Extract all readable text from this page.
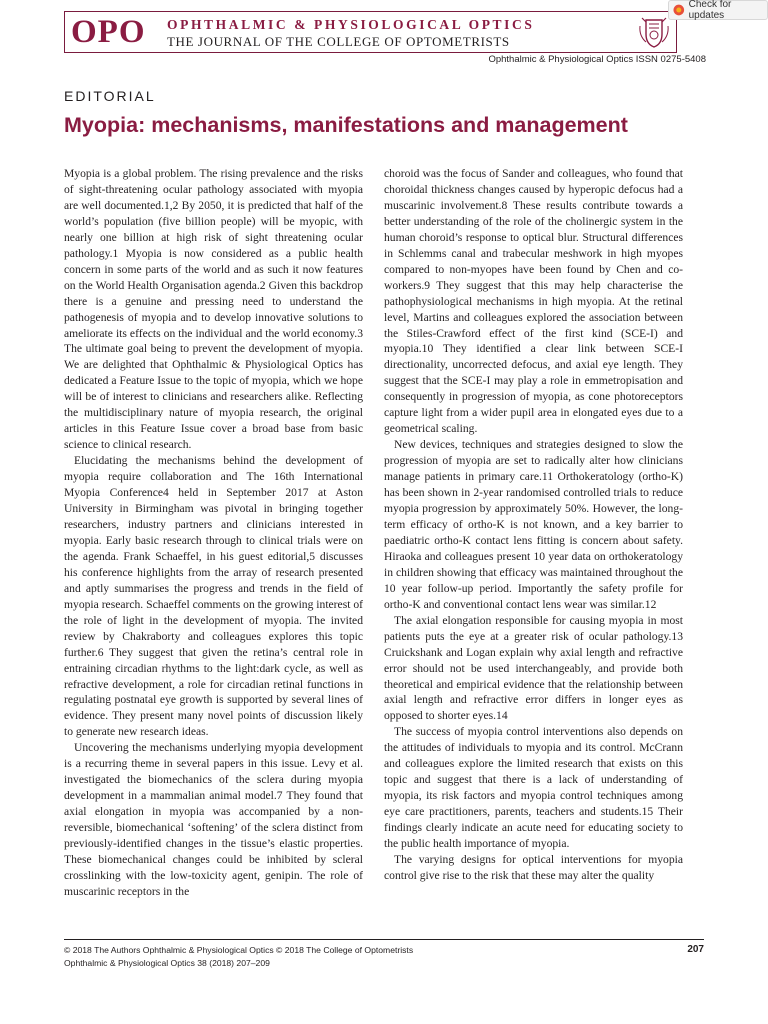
OPO OPHTHALMIC & PHYSIOLOGICAL OPTICS
THE JOURNAL OF THE COLLEGE OF OPTOMETRISTS
Check for updates
Ophthalmic & Physiological Optics ISSN 0275-5408
EDITORIAL
Myopia: mechanisms, manifestations and management

Myopia is a global problem. The rising prevalence and the risks of sight-threatening ocular pathology associated with myopia are well documented.1,2 By 2050, it is predicted that half of the world’s population (five billion people) will be myopic, with nearly one billion at high risk of sight threatening ocular pathology.1 Myopia is now considered as a public health concern in some parts of the world and as such it now features on the World Health Organisation agenda.2 Given this backdrop there is a genuine and pressing need to understand the pathogenesis of myopia and to develop innovative solutions to ameliorate its effects on the individual and the world economy.3 The ultimate goal being to prevent the development of myopia. We are delighted that Ophthalmic & Physiological Optics has dedicated a Feature Issue to the topic of myopia, which we hope will be of interest to clinicians and researchers alike. Reflecting the multidisciplinary nature of myopia research, the original articles in this Feature Issue cover a broad base from basic science to clinical research.

Elucidating the mechanisms behind the development of myopia require collaboration and The 16th International Myopia Conference4 held in September 2017 at Aston University in Birmingham was pivotal in bringing together researchers, industry partners and clinicians interested in myopia. Early basic research through to clinical trials were on the agenda. Frank Schaeffel, in his guest editorial,5 discusses his conference highlights from the array of research presented and aptly summarises the progress and trends in the field of myopia research. Schaeffel comments on the growing interest of the role of light in the development of myopia. The invited review by Chakraborty and colleagues explores this topic further.6 They suggest that given the retina’s central role in entraining circadian rhythms to the light:dark cycle, as well as refractive development, a role for circadian retinal functions in regulating postnatal eye growth is supported by several lines of evidence. They present many novel points of discussion likely to generate new research ideas.

Uncovering the mechanisms underlying myopia development is a recurring theme in several papers in this issue. Levy et al. investigated the biomechanics of the sclera during myopia development in a mammalian animal model.7 They found that axial elongation in myopia was accompanied by a non-reversible, biomechanical ‘softening’ of the sclera distinct from previously-identified changes in the tissue’s elastic properties. These biomechanical changes could be inhibited by scleral crosslinking with the low-toxicity agent, genipin. The role of muscarinic receptors in the

choroid was the focus of Sander and colleagues, who found that choroidal thickness changes caused by hyperopic defocus had a muscarinic involvement.8 These results contribute towards a better understanding of the role of the cholinergic system in the human choroid’s response to optical blur. Structural differences in Schlemms canal and trabecular meshwork in high myopes compared to non-myopes have been found by Chen and co-workers.9 They suggest that this may help characterise the pathophysiological mechanisms in high myopia. At the retinal level, Martins and colleagues explored the association between the Stiles-Crawford effect of the first kind (SCE-I) and myopia.10 They identified a clear link between SCE-I directionality, uncorrected defocus, and axial eye length. They suggest that the SCE-I may play a role in emmetropisation and consequently in progression of myopia, as cone photoreceptors capture light from a wider pupil area in elongated eyes due to a geometrical scaling.

New devices, techniques and strategies designed to slow the progression of myopia are set to radically alter how clinicians manage patients in primary care.11 Orthokeratology (ortho-K) has been shown in 2-year randomised controlled trials to reduce myopia progression by approximately 50%. However, the long-term efficacy of ortho-K is not known, and a key barrier to paediatric ortho-K contact lens fitting is concern about safety. Hiraoka and colleagues present 10 year data on orthokeratology in children showing that efficacy was maintained throughout the 10 year follow-up period. Importantly the safety profile for ortho-K and conventional contact lens wear was similar.12

The axial elongation responsible for causing myopia in most patients puts the eye at a greater risk of ocular pathology.13 Cruickshank and Logan explain why axial length and refractive error should not be used interchangeably, and provide both theoretical and empirical evidence that the relationship between axial length and refractive error differs in longer eyes as opposed to shorter eyes.14

The success of myopia control interventions also depends on the attitudes of individuals to myopia and its control. McCrann and colleagues explore the limited research that exists on this topic and suggest that there is a lack of understanding of myopia, its risk factors and myopia control techniques among eye care practitioners, parents, teachers and students.15 Their findings clearly indicate an acute need for educating society to the public health importance of myopia.

The varying designs for optical interventions for myopia control give rise to the risk that these may alter the quality

© 2018 The Authors Ophthalmic & Physiological Optics © 2018 The College of Optometrists
Ophthalmic & Physiological Optics 38 (2018) 207–209
207
